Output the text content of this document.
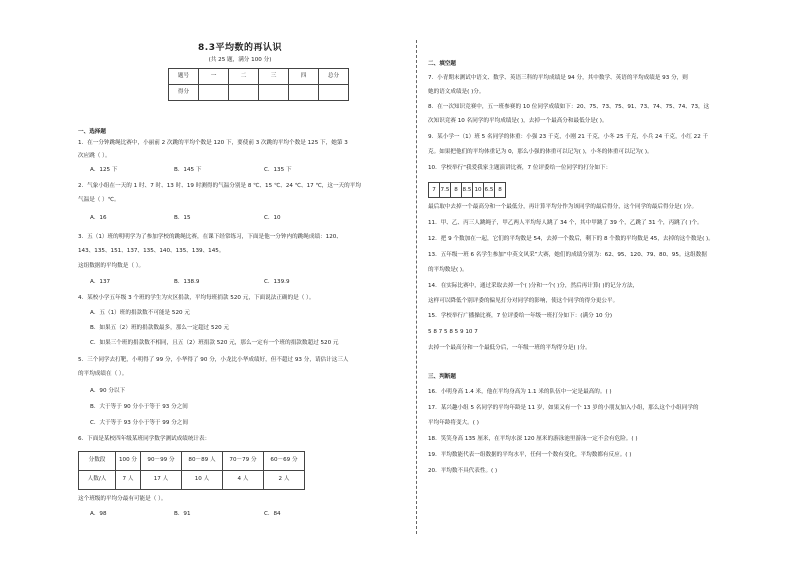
8.3平均数的再认识
(共 25 题，满分 100 分)
题号	一	二	三	四	总分
得分					
一、选择题
1．在一分钟跳绳比赛中，小丽前 2 次跳的平均个数是 120 下，要使前 3 次跳的平均个数是 125 下，她第 3
次应跳（ ）。
A．125 下	B．145 下	C．135 下
2．气象小组在一天的 1 时、7 时、13 时、19 时测得的气温分别是 8 ℃、15 ℃、24 ℃、17 ℃，这一天的平均
气温是（ ）℃。
A．16	B．15	C．10
3．五（1）班的明明学为了参加学校的跳绳比赛，在课下经常练习，下面是他一分钟内的跳绳成绩：120、
143、135、151、137、135、140、135、139、145。
这组数据的平均数是（ ）。
A．137	B．138.9	C．139.9
4．某校小学五年级 3 个班的学生为灾区捐款，平均每班捐款 520 元，下面说法正确的是（ ）。
A．五（1）班的捐款数不可能是 520 元
B．如果五（2）班的捐款数最多，那么一定超过 520 元
C．如果三个班的捐款数不相同，且五（2）班捐款 520 元，那么一定有一个班的捐款数超过 520 元
5．三个同学去打靶，小明得了 99 分，小华得了 90 分，小龙比小华成绩好，但不超过 93 分，请估计这三人
的平均成绩在（ ）。
A．90 分以下
B．大于等于 90 分小于等于 93 分之间
C．大于等于 93 分小于等于 99 分之间
6．下面是某校四年级某班同学数学测试成绩统计表：
分数段	100 分	90－99 分	80－89 人	70－79 分	60－69 分
人数/人	7 人	17 人	10 人	4 人	2 人
这个班级的平均分最有可能是（ ）。
A．98	B．91	C．84
二、填空题
7．小青期末测试中语文、数学、英语三科的平均成绩是 94 分，其中数学、英语的平均成绩是 93 分，则
她的语文成绩是( )分。
8．在一次知识竞赛中，五一班参赛的 10 位同学成绩如下：20、75、73、75、91、73、74、75、74、73，这
次知识竞赛 10 名同学的平均成绩是( )，去掉一个最高分和最低分是( )。
9．某小学一（1）班 5 名同学的体重：小强 23 千克，小刚 21 千克，小冬 25 千克，小兵 24 千克，小红 22 千
克。如果把他们的平均体重记为 0，那么小强的体重可以记为( )，小冬的体重可以记为( )。
10．学校举行“我爱我家主题演讲比赛，7 位评委给一位同学的打分如下：
7 7.5 8 8.5 10 6.5 8
最后取中去掉一个最高分和一个最低分，再计算平均分作为该同学的最后得分，这个同学的最后得分是( )分。
11．甲、乙、丙三人跳绳子，甲乙两人平均每人跳了 34 个，其中甲跳了 39 个，乙跳了 31 个，丙跳了( )个。
12．把 9 个数加在一起，它们的平均数是 54，去掉一个数后，剩下的 8 个数的平均数是 45，去掉的这个数是( )。
13．五年级一班 6 名学生参加“中英文风采”大赛，她们的成绩分别为：62、95、120、79、80、95。这组数据
的平均数是( )。
14．在实际比赛中，通过采取去掉一个( )分和一个( )分，然后再计算( )的记分方法，
这样可以降低个别评委的偏见打分对同学的影响，使这个同学的得分更公平。
15．学校举行广播操比赛，7 位评委给一年级一班打分如下：(满分 10 分)
5 8 7 5 8 5 9 10 7
去掉一个最高分和一个最低分后，一年级一班的平均得分是( )分。
三、判断题
16．小明身高 1.4 米，他在平均身高为 1.1 米的队伍中一定是最高的。( )
17．某兴趣小组 5 名同学的平均年龄是 11 岁，如果又有一个 13 岁的小朋友加入小组，那么这个小组同学的
平均年龄将变大。( )
18．笑笑身高 135 厘米，在平均水深 120 厘米的游泳池里游泳一定不会有危险。( )
19．平均数能代表一组数据的平均水平，任何一个数有变化，平均数都有反应。( )
20．平均数不具代表性。( )
